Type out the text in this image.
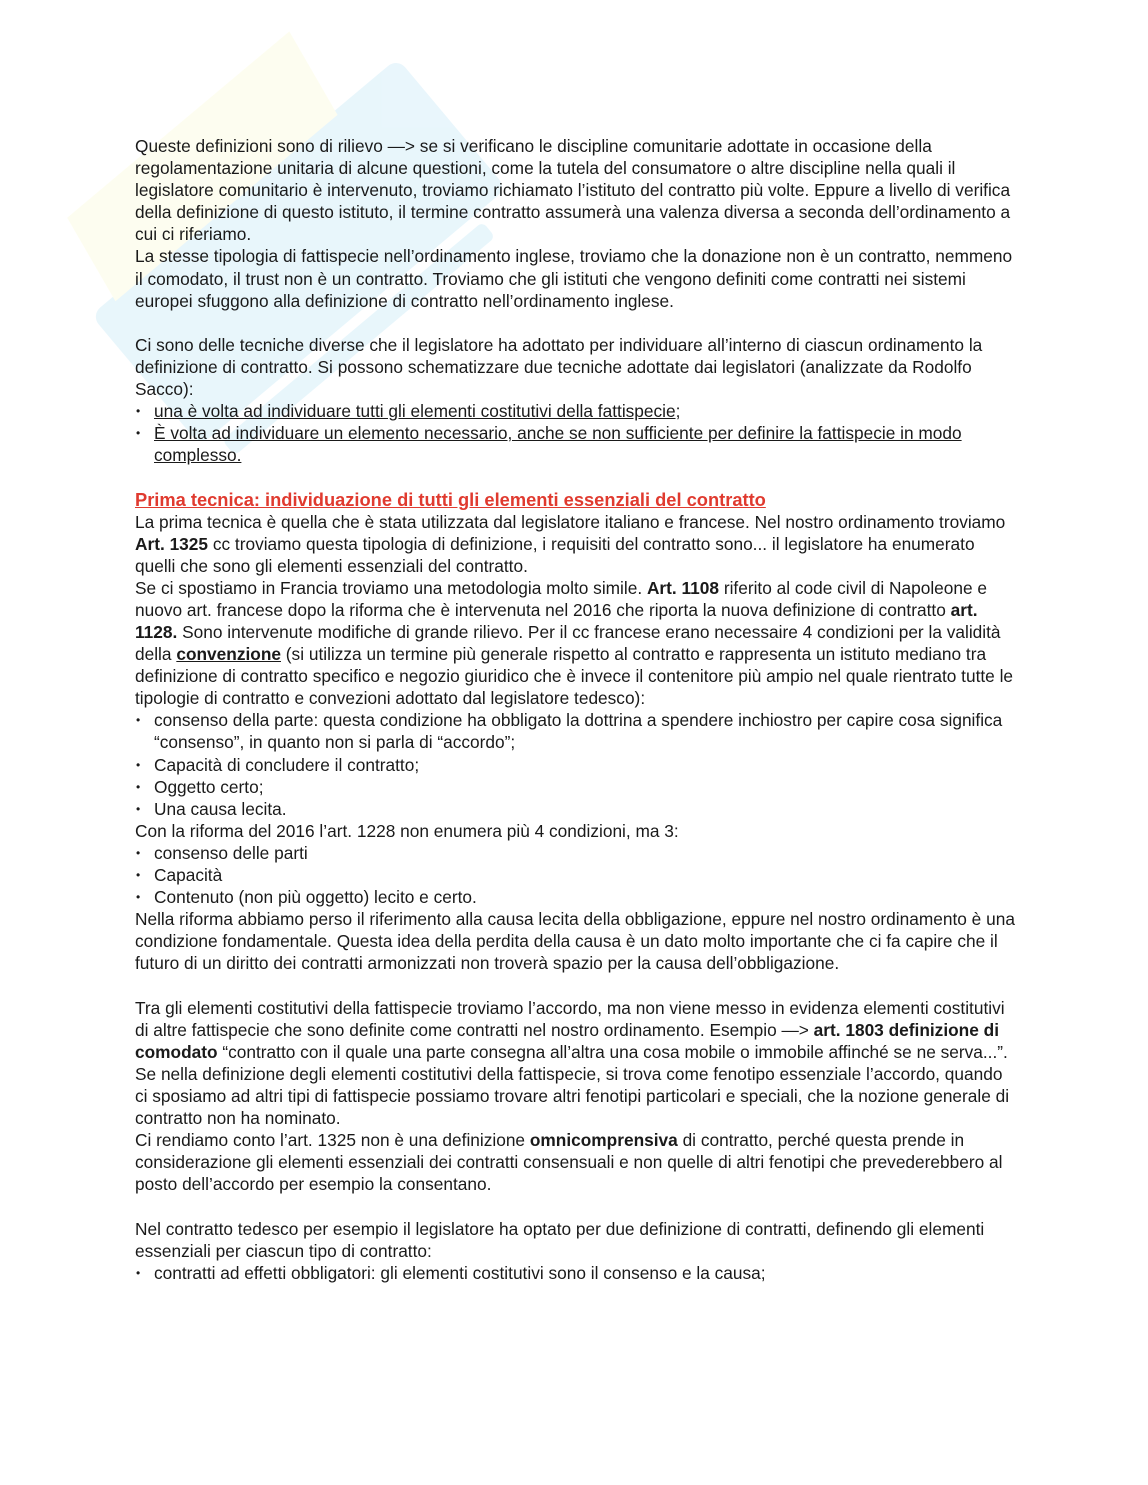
Queste definizioni sono di rilievo —> se si verificano le discipline comunitarie adottate in occasione della regolamentazione unitaria di alcune questioni, come la tutela del consumatore o altre discipline nella quali il legislatore comunitario è intervenuto, troviamo richiamato l’istituto del contratto più volte. Eppure a livello di verifica della definizione di questo istituto, il termine contratto assumerà una valenza diversa a seconda dell’ordinamento a cui ci riferiamo.

La stesse tipologia di fattispecie nell’ordinamento inglese, troviamo che la donazione non è un contratto, nemmeno il comodato, il trust non è un contratto. Troviamo che gli istituti che vengono definiti come contratti nei sistemi europei sfuggono alla definizione di contratto nell’ordinamento inglese.

Ci sono delle tecniche diverse che il legislatore ha adottato per individuare all’interno di ciascun ordinamento la definizione di contratto. Si possono schematizzare due tecniche adottate dai legislatori (analizzate da Rodolfo Sacco):

• una è volta ad individuare tutti gli elementi costitutivi della fattispecie;
• È volta ad individuare un elemento necessario, anche se non sufficiente per definire la fattispecie in modo complesso.
Prima tecnica: individuazione di tutti gli elementi essenziali del contratto

La prima tecnica è quella che è stata utilizzata dal legislatore italiano e francese. Nel nostro ordinamento troviamo Art. 1325 cc troviamo questa tipologia di definizione, i requisiti del contratto sono... il legislatore ha enumerato quelli che sono gli elementi essenziali del contratto.

Se ci spostiamo in Francia troviamo una metodologia molto simile. Art. 1108 riferito al code civil di Napoleone e nuovo art. francese dopo la riforma che è intervenuta nel 2016 che riporta la nuova definizione di contratto art. 1128. Sono intervenute modifiche di grande rilievo. Per il cc francese erano necessaire 4 condizioni per la validità della convenzione (si utilizza un termine più generale rispetto al contratto e rappresenta un istituto mediano tra definizione di contratto specifico e negozio giuridico che è invece il contenitore più ampio nel quale rientrato tutte le tipologie di contratto e convezioni adottato dal legislatore tedesco):

• consenso della parte: questa condizione ha obbligato la dottrina a spendere inchiostro per capire cosa significa “consenso”, in quanto non si parla di “accordo”;
• Capacità di concludere il contratto;
• Oggetto certo;
• Una causa lecita.

Con la riforma del 2016 l’art. 1228 non enumera più 4 condizioni, ma 3:

• consenso delle parti
• Capacità
• Contenuto (non più oggetto) lecito e certo.

Nella riforma abbiamo perso il riferimento alla causa lecita della obbligazione, eppure nel nostro ordinamento è una condizione fondamentale. Questa idea della perdita della causa è un dato molto importante che ci fa capire che il futuro di un diritto dei contratti armonizzati non troverà spazio per la causa dell’obbligazione.

Tra gli elementi costitutivi della fattispecie troviamo l’accordo, ma non viene messo in evidenza elementi costitutivi di altre fattispecie che sono definite come contratti nel nostro ordinamento. Esempio —> art. 1803 definizione di comodato “contratto con il quale una parte consegna all’altra una cosa mobile o immobile affinché se ne serva...”. Se nella definizione degli elementi costitutivi della fattispecie, si trova come fenotipo essenziale l’accordo, quando ci sposiamo ad altri tipi di fattispecie possiamo trovare altri fenotipi particolari e speciali, che la nozione generale di contratto non ha nominato.

Ci rendiamo conto l’art. 1325 non è una definizione omnicomprensiva di contratto, perché questa prende in considerazione gli elementi essenziali dei contratti consensuali e non quelle di altri fenotipi che prevederebbero al posto dell’accordo per esempio la consentano.

Nel contratto tedesco per esempio il legislatore ha optato per due definizione di contratti, definendo gli elementi essenziali per ciascun tipo di contratto:

• contratti ad effetti obbligatori: gli elementi costitutivi sono il consenso e la causa;
